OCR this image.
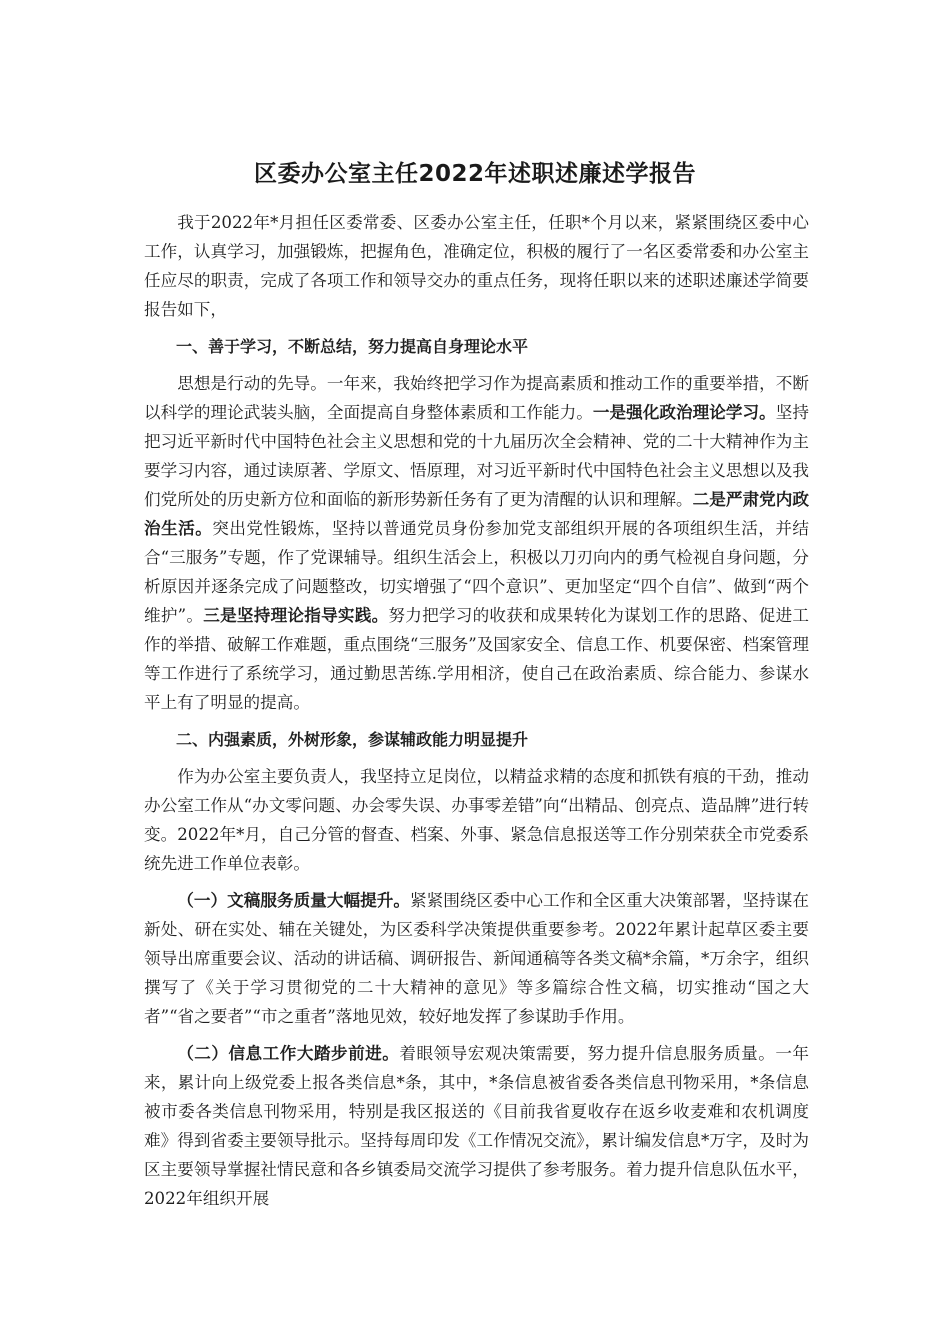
区委办公室主任2022年述职述廉述学报告

我于2022年*月担任区委常委、区委办公室主任，任职*个月以来，紧紧围绕区委中心工作，认真学习，加强锻炼，把握角色，准确定位，积极的履行了一名区委常委和办公室主任应尽的职责，完成了各项工作和领导交办的重点任务，现将任职以来的述职述廉述学简要报告如下，

一、善于学习，不断总结，努力提高自身理论水平

思想是行动的先导。一年来，我始终把学习作为提高素质和推动工作的重要举措，不断以科学的理论武装头脑，全面提高自身整体素质和工作能力。一是强化政治理论学习。坚持把习近平新时代中国特色社会主义思想和党的十九届历次全会精神、党的二十大精神作为主要学习内容，通过读原著、学原文、悟原理，对习近平新时代中国特色社会主义思想以及我们党所处的历史新方位和面临的新形势新任务有了更为清醒的认识和理解。二是严肃党内政治生活。突出党性锻炼，坚持以普通党员身份参加党支部组织开展的各项组织生活，并结合“三服务”专题，作了党课辅导。组织生活会上，积极以刀刃向内的勇气检视自身问题，分析原因并逐条完成了问题整改，切实增强了“四个意识”、更加坚定“四个自信”、做到“两个维护”。三是坚持理论指导实践。努力把学习的收获和成果转化为谋划工作的思路、促进工作的举措、破解工作难题，重点围绕“三服务”及国家安全、信息工作、机要保密、档案管理等工作进行了系统学习，通过勤思苦练.学用相济，使自己在政治素质、综合能力、参谋水平上有了明显的提高。

二、内强素质，外树形象，参谋辅政能力明显提升

作为办公室主要负责人，我坚持立足岗位，以精益求精的态度和抓铁有痕的干劲，推动办公室工作从“办文零问题、办会零失误、办事零差错”向“出精品、创亮点、造品牌”进行转变。2022年*月，自己分管的督查、档案、外事、紧急信息报送等工作分别荣获全市党委系统先进工作单位表彰。

（一）文稿服务质量大幅提升。紧紧围绕区委中心工作和全区重大决策部署，坚持谋在新处、研在实处、辅在关键处，为区委科学决策提供重要参考。2022年累计起草区委主要领导出席重要会议、活动的讲话稿、调研报告、新闻通稿等各类文稿*余篇，*万余字，组织撰写了《关于学习贯彻党的二十大精神的意见》等多篇综合性文稿，切实推动“国之大者”“省之要者”“市之重者”落地见效，较好地发挥了参谋助手作用。

（二）信息工作大踏步前进。着眼领导宏观决策需要，努力提升信息服务质量。一年来，累计向上级党委上报各类信息*条，其中，*条信息被省委各类信息刊物采用，*条信息被市委各类信息刊物采用，特别是我区报送的《目前我省夏收存在返乡收麦难和农机调度难》得到省委主要领导批示。坚持每周印发《工作情况交流》，累计编发信息*万字，及时为区主要领导掌握社情民意和各乡镇委局交流学习提供了参考服务。着力提升信息队伍水平，2022年组织开展
